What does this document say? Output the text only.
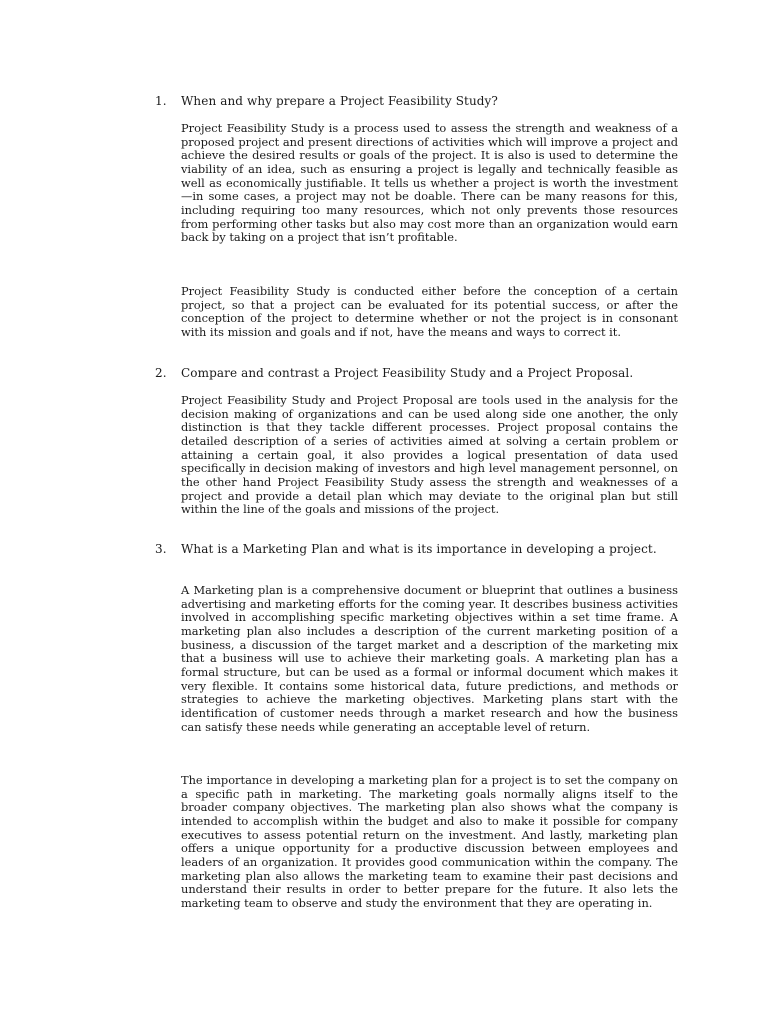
1.	When and why prepare a Project Feasibility Study?

Project Feasibility Study is a process used to assess the strength and weakness of a proposed project and present directions of activities which will improve a project and achieve the desired results or goals of the project. It is also is used to determine the viability of an idea, such as ensuring a project is legally and technically feasible as well as economically justifiable. It tells us whether a project is worth the investment—in some cases, a project may not be doable. There can be many reasons for this, including requiring too many resources, which not only prevents those resources from performing other tasks but also may cost more than an organization would earn back by taking on a project that isn’t profitable.

Project Feasibility Study is conducted either before the conception of a certain project, so that a project can be evaluated for its potential success, or after the conception of the project to determine whether or not the project is in consonant with its mission and goals and if not, have the means and ways to correct it.

2.	Compare and contrast a Project Feasibility Study and a Project Proposal.

Project Feasibility Study and Project Proposal are tools used in the analysis for the decision making of organizations and can be used along side one another, the only distinction is that they tackle different processes. Project proposal contains the detailed description of a series of activities aimed at solving a certain problem or attaining a certain goal, it also provides a logical presentation of data used specifically in decision making of investors and high level management personnel, on the other hand Project Feasibility Study assess the strength and weaknesses of a project and provide a detail plan which may deviate to the original plan but still within the line of the goals and missions of the project.

3.	What is a Marketing Plan and what is its importance in developing a project.

A Marketing plan is a comprehensive document or blueprint that outlines a business advertising and marketing efforts for the coming year. It describes business activities involved in accomplishing specific marketing objectives within a set time frame. A marketing plan also includes a description of the current marketing position of a business, a discussion of the target market and a description of the marketing mix that a business will use to achieve their marketing goals. A marketing plan has a formal structure, but can be used as a formal or informal document which makes it very flexible. It contains some historical data, future predictions, and methods or strategies to achieve the marketing objectives. Marketing plans start with the identification of customer needs through a market research and how the business can satisfy these needs while generating an acceptable level of return.

The importance in developing a marketing plan for a project is to set the company on a specific path in marketing. The marketing goals normally aligns itself to the broader company objectives. The marketing plan also shows what the company is intended to accomplish within the budget and also to make it possible for company executives to assess potential return on the investment. And lastly, marketing plan offers a unique opportunity for a productive discussion between employees and leaders of an organization. It provides good communication within the company. The marketing plan also allows the marketing team to examine their past decisions and understand their results in order to better prepare for the future. It also lets the marketing team to observe and study the environment that they are operating in.
